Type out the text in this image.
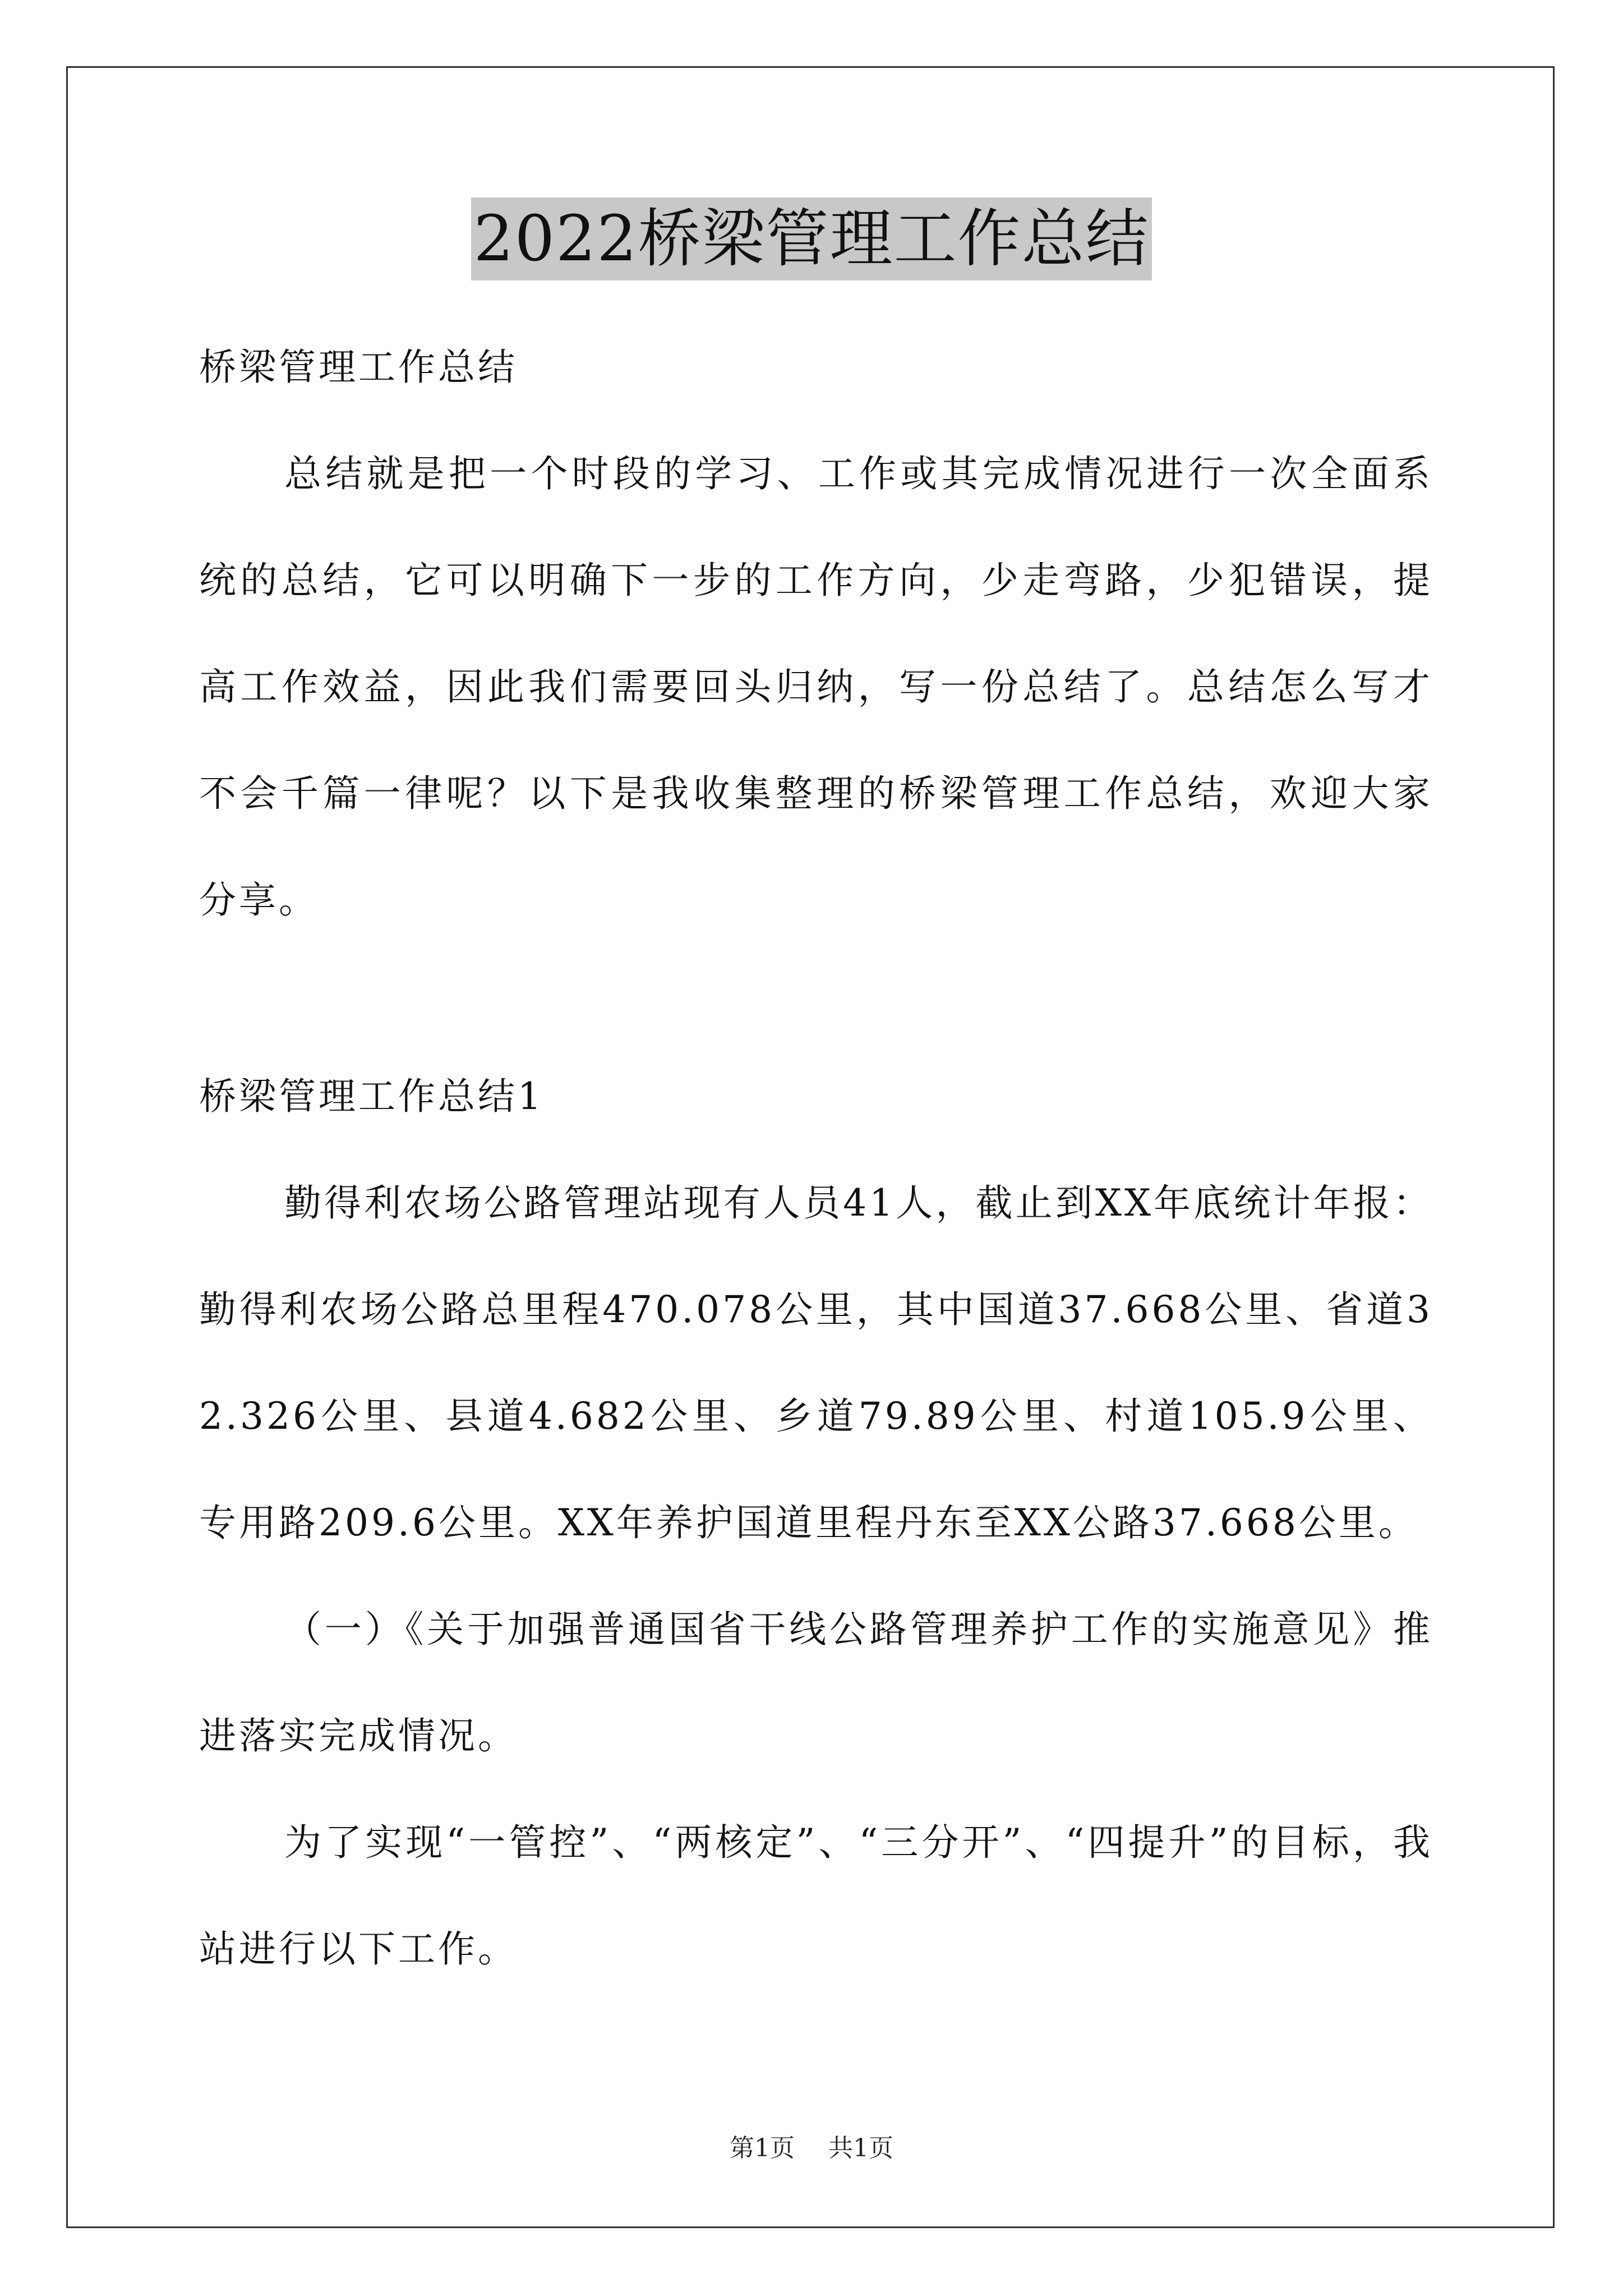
2022桥梁管理工作总结

桥梁管理工作总结

总结就是把一个时段的学习、工作或其完成情况进行一次全面系统的总结，它可以明确下一步的工作方向，少走弯路，少犯错误，提高工作效益，因此我们需要回头归纳，写一份总结了。总结怎么写才不会千篇一律呢？以下是我收集整理的桥梁管理工作总结，欢迎大家分享。

桥梁管理工作总结1

勤得利农场公路管理站现有人员41人，截止到XX年底统计年报：勤得利农场公路总里程470.078公里，其中国道37.668公里、省道32.326公里、县道4.682公里、乡道79.89公里、村道105.9公里、专用路209.6公里。XX年养护国道里程丹东至XX公路37.668公里。

（一）《关于加强普通国省干线公路管理养护工作的实施意见》推进落实完成情况。

为了实现“一管控”、“两核定”、“三分开”、“四提升”的目标，我站进行以下工作。

第1页 共1页
